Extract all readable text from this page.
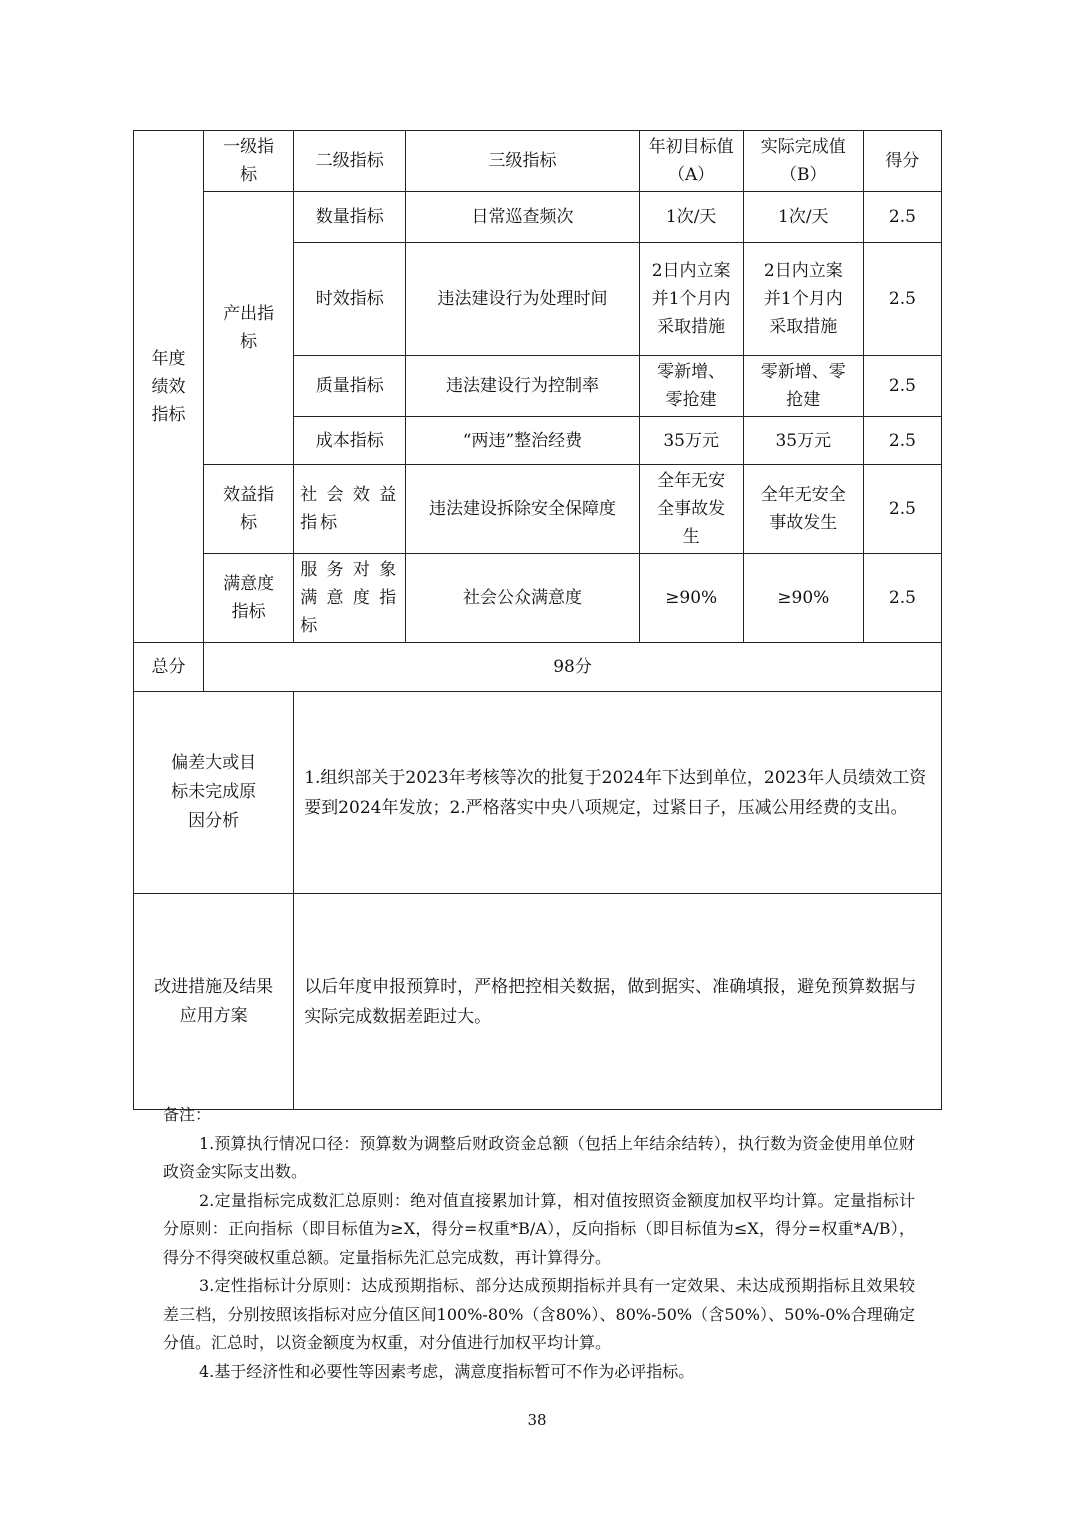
年度绩效指标	一级指标	二级指标	三级指标	年初目标值（A）	实际完成值（B）	得分
	产出指标	数量指标	日常巡查频次	1次/天	1次/天	2.5
		时效指标	违法建设行为处理时间	2日内立案并1个月内采取措施	2日内立案并1个月内采取措施	2.5
		质量指标	违法建设行为控制率	零新增、零抢建	零新增、零抢建	2.5
		成本指标	“两违”整治经费	35万元	35万元	2.5
	效益指标	社会效益指标	违法建设拆除安全保障度	全年无安全事故发生	全年无安全事故发生	2.5
	满意度指标	服务对象满意度指标	社会公众满意度	≥90%	≥90%	2.5
总分	98分					
偏差大或目标未完成原因分析		1.组织部关于2023年考核等次的批复于2024年下达到单位，2023年人员绩效工资要到2024年发放；2.严格落实中央八项规定，过紧日子，压减公用经费的支出。				
改进措施及结果应用方案		以后年度申报预算时，严格把控相关数据，做到据实、准确填报，避免预算数据与实际完成数据差距过大。				

备注：

1.预算执行情况口径：预算数为调整后财政资金总额（包括上年结余结转），执行数为资金使用单位财政资金实际支出数。

2.定量指标完成数汇总原则：绝对值直接累加计算，相对值按照资金额度加权平均计算。定量指标计分原则：正向指标（即目标值为≥X，得分=权重*B/A），反向指标（即目标值为≤X，得分=权重*A/B），得分不得突破权重总额。定量指标先汇总完成数，再计算得分。

3.定性指标计分原则：达成预期指标、部分达成预期指标并具有一定效果、未达成预期指标且效果较差三档，分别按照该指标对应分值区间100%-80%（含80%）、80%-50%（含50%）、50%-0%合理确定分值。汇总时，以资金额度为权重，对分值进行加权平均计算。

4.基于经济性和必要性等因素考虑，满意度指标暂可不作为必评指标。

38
